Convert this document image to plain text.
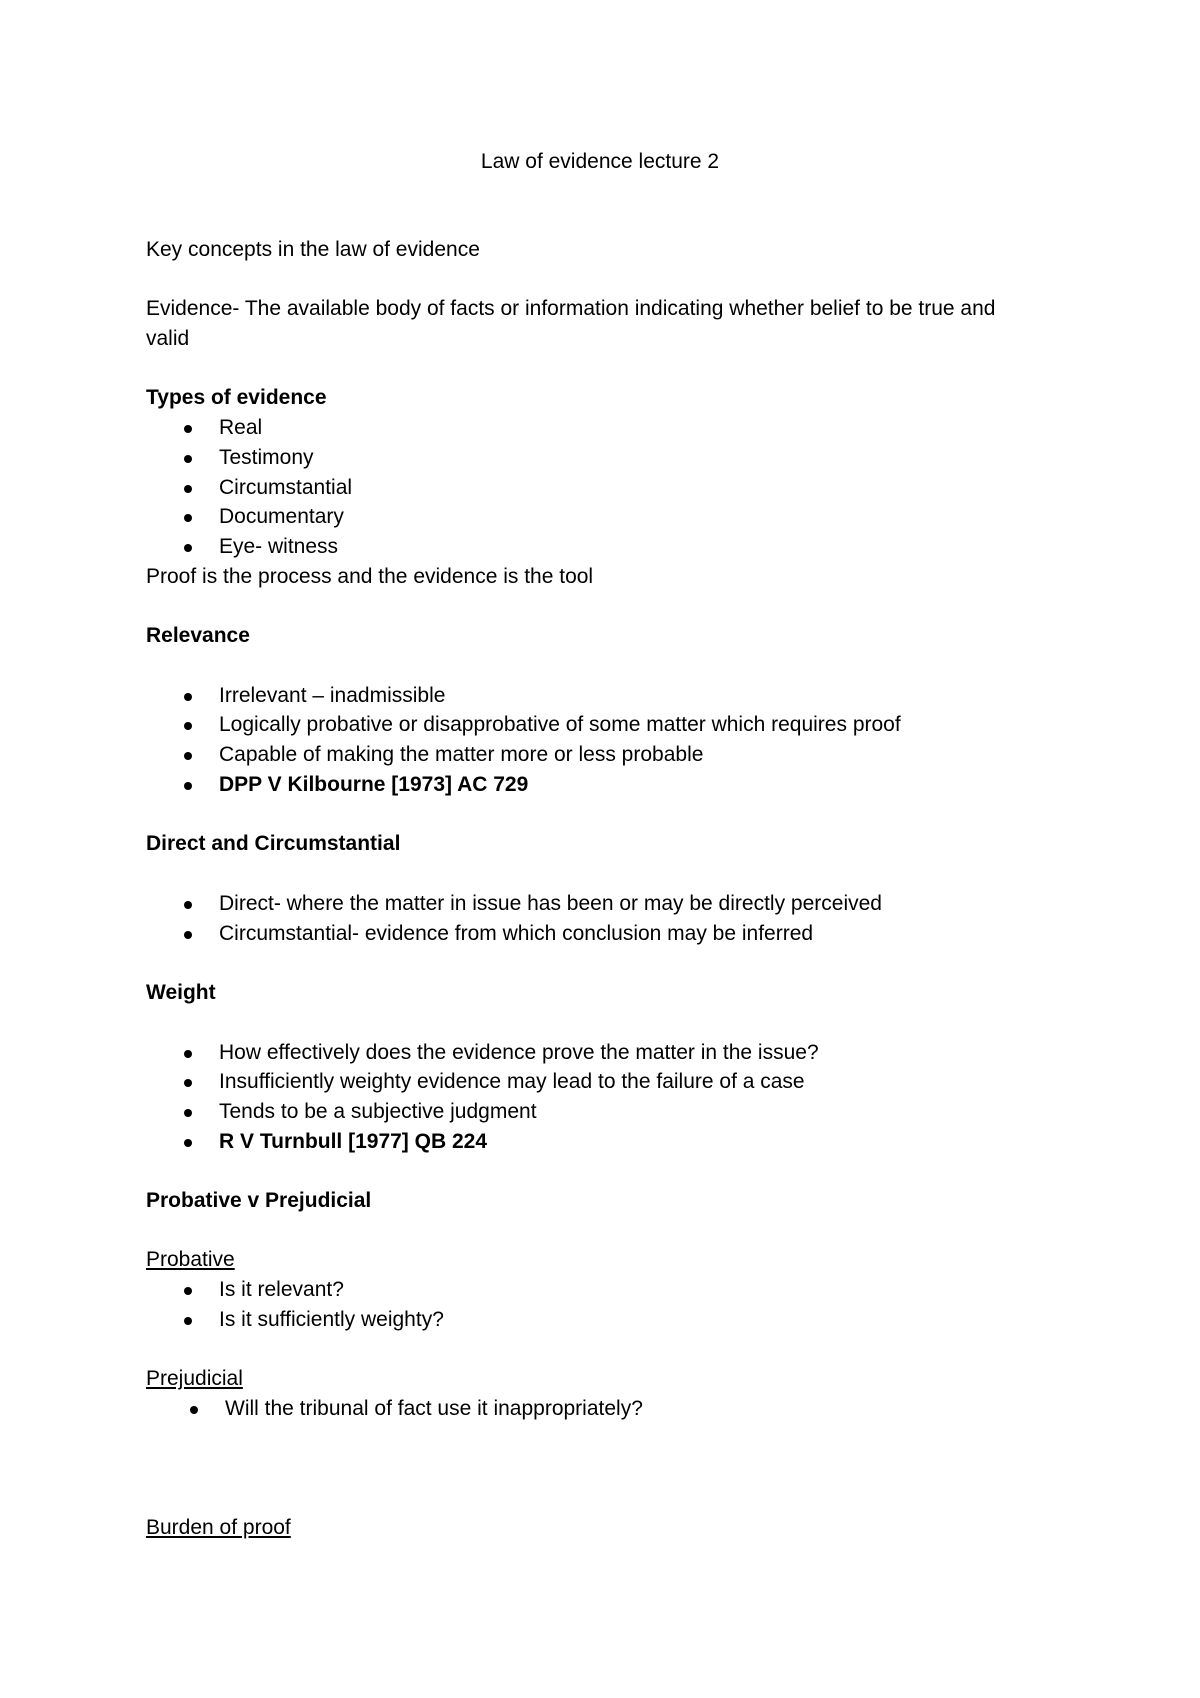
Law of evidence lecture 2
Key concepts in the law of evidence
Evidence- The available body of facts or information indicating whether belief to be true and
valid
Types of evidence
Real
Testimony
Circumstantial
Documentary
Eye- witness
Proof is the process and the evidence is the tool
Relevance
Irrelevant – inadmissible
Logically probative or disapprobative of some matter which requires proof
Capable of making the matter more or less probable
DPP V Kilbourne [1973] AC 729
Direct and Circumstantial
Direct- where the matter in issue has been or may be directly perceived
Circumstantial- evidence from which conclusion may be inferred
Weight
How effectively does the evidence prove the matter in the issue?
Insufficiently weighty evidence may lead to the failure of a case
Tends to be a subjective judgment
R V Turnbull [1977] QB 224
Probative v Prejudicial
Probative
Is it relevant?
Is it sufficiently weighty?
Prejudicial
Will the tribunal of fact use it inappropriately?
Burden of proof
